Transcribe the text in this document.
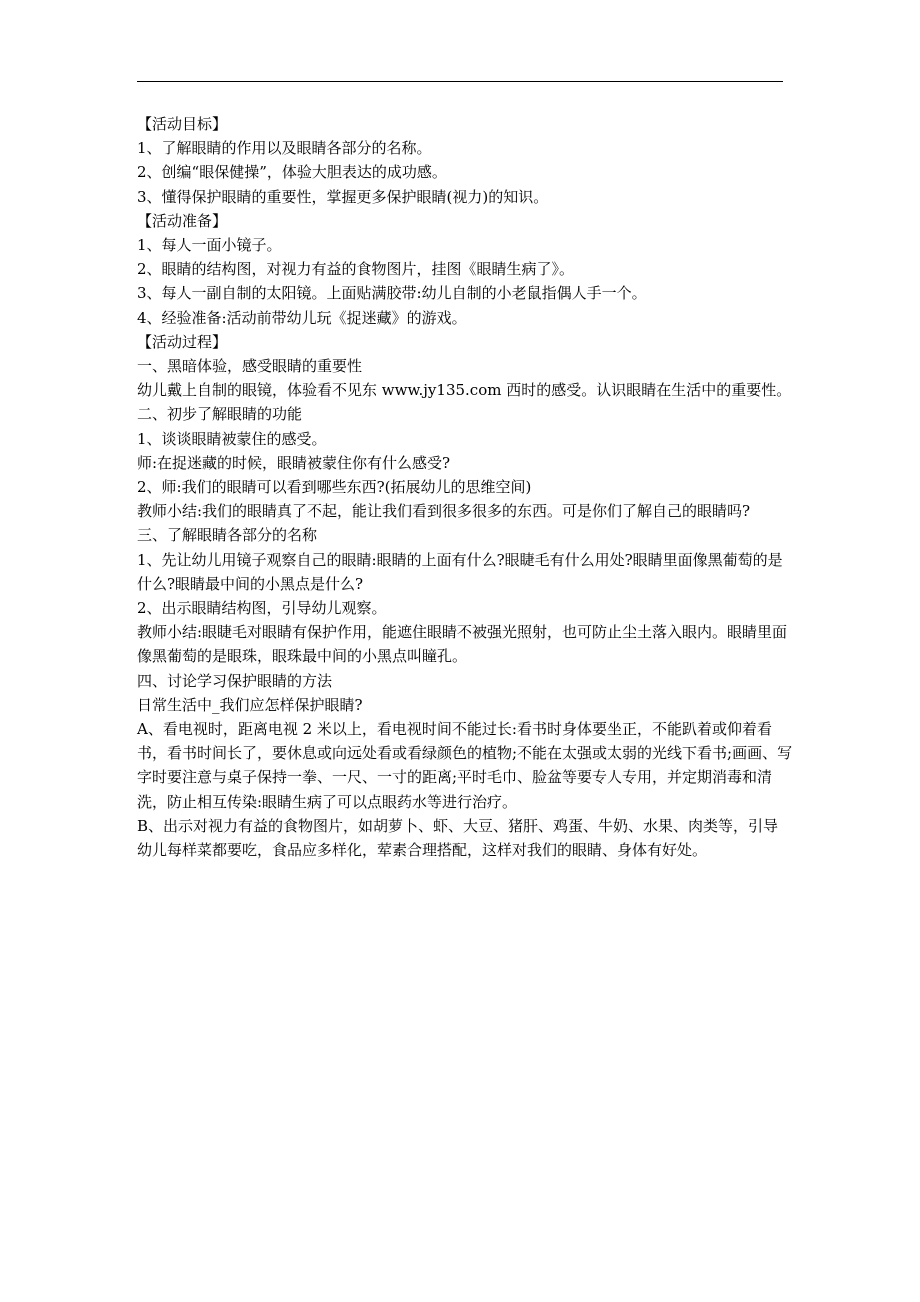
【活动目标】

1、了解眼睛的作用以及眼睛各部分的名称。

2、创编“眼保健操”，体验大胆表达的成功感。

3、懂得保护眼睛的重要性，掌握更多保护眼睛(视力)的知识。

【活动准备】

1、每人一面小镜子。

2、眼睛的结构图，对视力有益的食物图片，挂图《眼睛生病了》。

3、每人一副自制的太阳镜。上面贴满胶带:幼儿自制的小老鼠指偶人手一个。

4、经验准备:活动前带幼儿玩《捉迷藏》的游戏。

【活动过程】

一、黑暗体验，感受眼睛的重要性

幼儿戴上自制的眼镜，体验看不见东 www.jy135.com 西时的感受。认识眼睛在生活中的重要性。

二、初步了解眼睛的功能

1、谈谈眼睛被蒙住的感受。

师:在捉迷藏的时候，眼睛被蒙住你有什么感受?

2、师:我们的眼睛可以看到哪些东西?(拓展幼儿的思维空间)

教师小结:我们的眼睛真了不起，能让我们看到很多很多的东西。可是你们了解自己的眼睛吗?

三、了解眼睛各部分的名称

1、先让幼儿用镜子观察自己的眼睛:眼睛的上面有什么?眼睫毛有什么用处?眼睛里面像黑葡萄的是什么?眼睛最中间的小黑点是什么?

2、出示眼睛结构图，引导幼儿观察。

教师小结:眼睫毛对眼睛有保护作用，能遮住眼睛不被强光照射，也可防止尘土落入眼内。眼睛里面像黑葡萄的是眼珠，眼珠最中间的小黑点叫瞳孔。

四、讨论学习保护眼睛的方法

日常生活中_我们应怎样保护眼睛?

A、看电视时，距离电视 2 米以上，看电视时间不能过长:看书时身体要坐正，不能趴着或仰着看书，看书时间长了，要休息或向远处看或看绿颜色的植物;不能在太强或太弱的光线下看书;画画、写字时要注意与桌子保持一拳、一尺、一寸的距离;平时毛巾、脸盆等要专人专用，并定期消毒和清洗，防止相互传染:眼睛生病了可以点眼药水等进行治疗。

B、出示对视力有益的食物图片，如胡萝卜、虾、大豆、猪肝、鸡蛋、牛奶、水果、肉类等，引导幼儿每样菜都要吃，食品应多样化，荤素合理搭配，这样对我们的眼睛、身体有好处。
